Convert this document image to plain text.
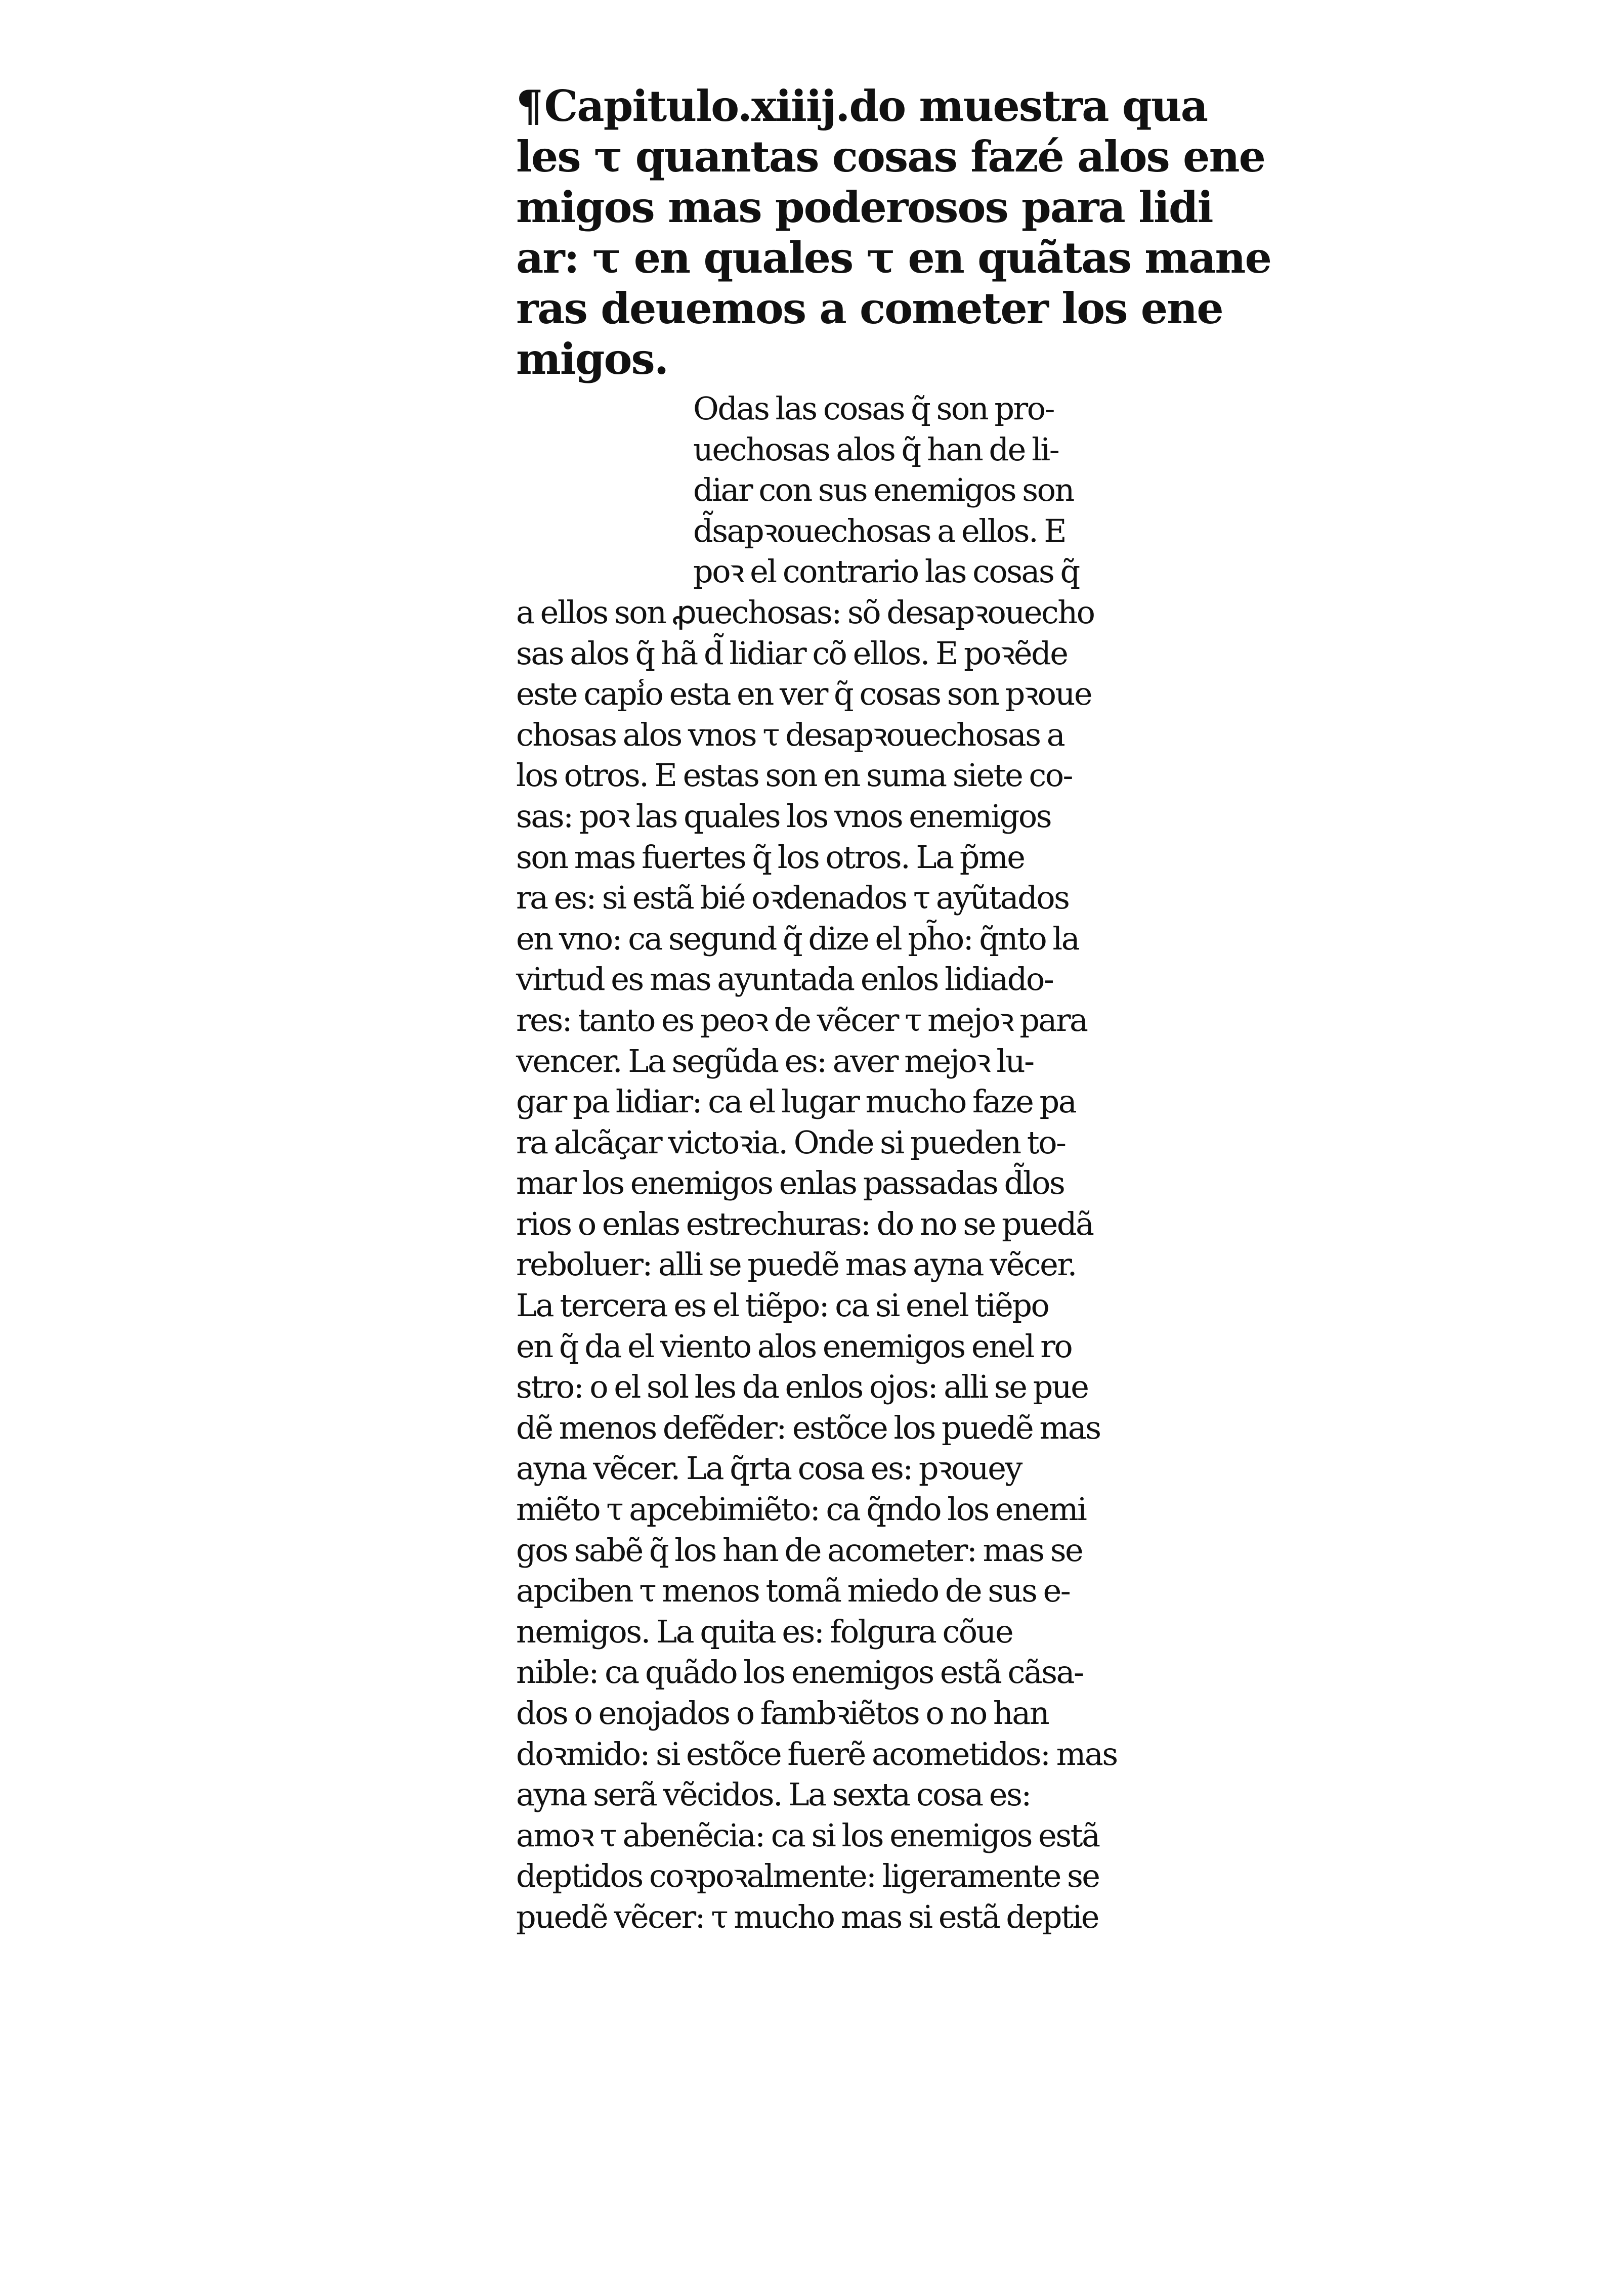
¶Capitulo.xiiij.do muestra qua
les τ quantas cosas fazé alos ene
migos mas poderosos para lidi
ar: τ en quales τ en quãtas mane
ras deuemos a cometer los ene
migos.
Odas las cosas q̃ son pro-
uechosas alos q̃ han de li-
diar con sus enemigos son
d̃sapꝛouechosas a ellos. E
poꝛ el contrario las cosas q̃
a ellos son ꝓuechosas: sõ desapꝛouecho
sas alos q̃ hã d̃ lidiar cõ ellos. E poꝛẽde
este capi̾o esta en ver q̃ cosas son pꝛoue
chosas alos vnos τ desapꝛouechosas a
los otros. E estas son en suma siete co-
sas: poꝛ las quales los vnos enemigos
son mas fuertes q̃ los otros. La p̃me
ra es: si estã bié oꝛdenados τ ayũtados
en vno: ca segund q̃ dize el ph̃o: q̃nto la
virtud es mas ayuntada enlos lidiado-
res: tanto es peoꝛ de vẽcer τ mejoꝛ para
vencer. La segũda es: aver mejoꝛ lu-
gar pa lidiar: ca el lugar mucho faze pa
ra alcãçar victoꝛia. Onde si pueden to-
mar los enemigos enlas passadas d̃los
rios o enlas estrechuras: do no se puedã
reboluer: alli se puedẽ mas ayna vẽcer.
La tercera es el tiẽpo: ca si enel tiẽpo
en q̃ da el viento alos enemigos enel ro
stro: o el sol les da enlos ojos: alli se pue
dẽ menos defẽder: estõce los puedẽ mas
ayna vẽcer. La q̃rta cosa es: pꝛouey
miẽto τ apcebimiẽto: ca q̃ndo los enemi
gos sabẽ q̃ los han de acometer: mas se
apciben τ menos tomã miedo de sus e-
nemigos. La quita es: folgura cõue
nible: ca quãdo los enemigos estã cãsa-
dos o enojados o fambꝛiẽtos o no han
doꝛmido: si estõce fuerẽ acometidos: mas
ayna serã vẽcidos. La sexta cosa es:
amoꝛ τ abenẽcia: ca si los enemigos estã
deptidos coꝛpoꝛalmente: ligeramente se
puedẽ vẽcer: τ mucho mas si estã deptie
